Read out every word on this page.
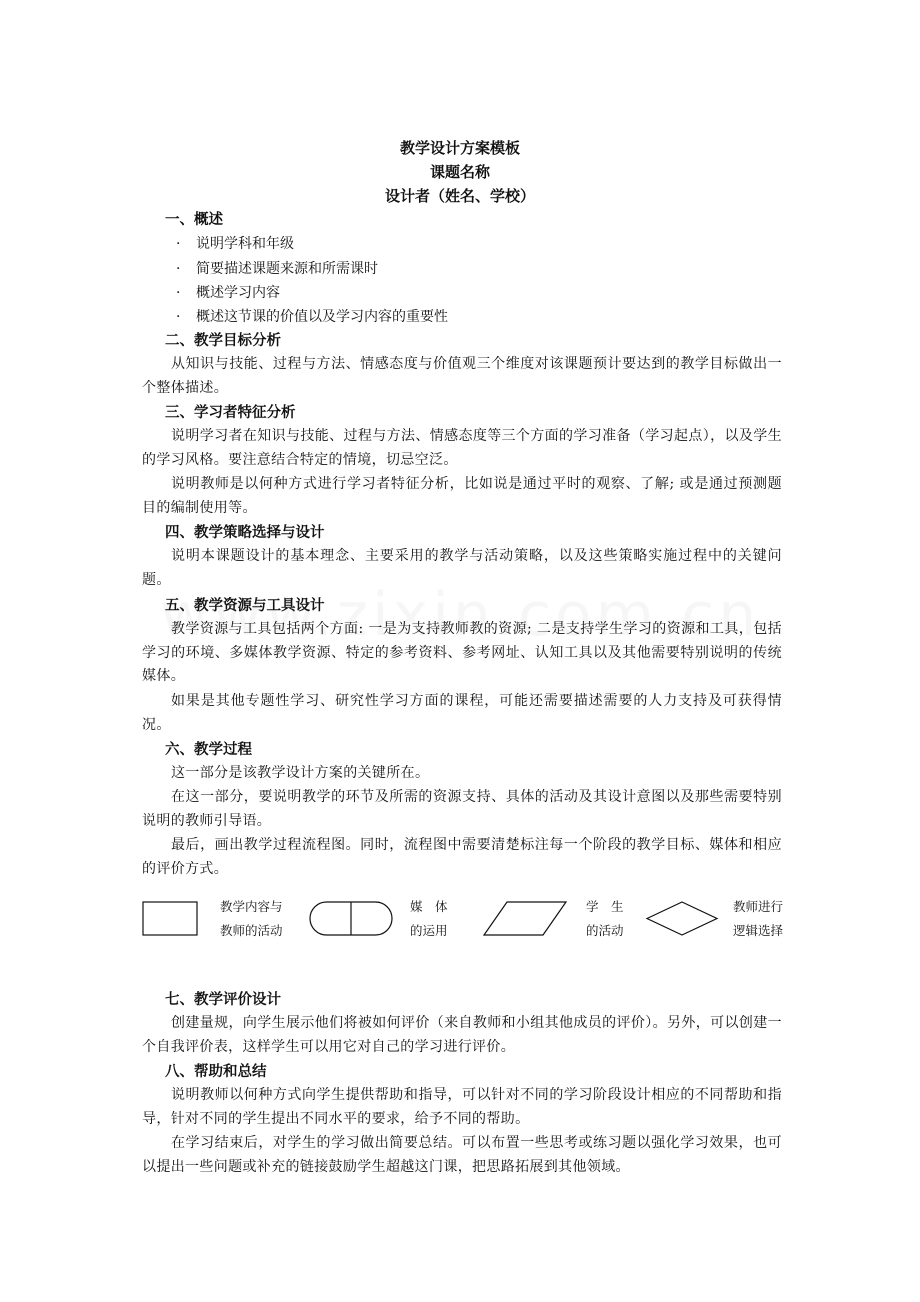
教学设计方案模板
课题名称
设计者（姓名、学校）
一、概述
· 说明学科和年级
· 简要描述课题来源和所需课时
· 概述学习内容
· 概述这节课的价值以及学习内容的重要性
二、教学目标分析
从知识与技能、过程与方法、情感态度与价值观三个维度对该课题预计要达到的教学目标做出一个整体描述。
三、学习者特征分析
说明学习者在知识与技能、过程与方法、情感态度等三个方面的学习准备（学习起点），以及学生的学习风格。要注意结合特定的情境，切忌空泛。
说明教师是以何种方式进行学习者特征分析，比如说是通过平时的观察、了解; 或是通过预测题目的编制使用等。
四、教学策略选择与设计
说明本课题设计的基本理念、主要采用的教学与活动策略，以及这些策略实施过程中的关键问题。
五、教学资源与工具设计
教学资源与工具包括两个方面: 一是为支持教师教的资源; 二是支持学生学习的资源和工具，包括学习的环境、多媒体教学资源、特定的参考资料、参考网址、认知工具以及其他需要特别说明的传统媒体。
如果是其他专题性学习、研究性学习方面的课程，可能还需要描述需要的人力支持及可获得情况。
六、教学过程
这一部分是该教学设计方案的关键所在。
在这一部分，要说明教学的环节及所需的资源支持、具体的活动及其设计意图以及那些需要特别说明的教师引导语。
最后，画出教学过程流程图。同时，流程图中需要清楚标注每一个阶段的教学目标、媒体和相应的评价方式。
教学内容与
教师的活动
媒　体
的运用
学　生
的活动
教师进行
逻辑选择
七、教学评价设计
创建量规，向学生展示他们将被如何评价（来自教师和小组其他成员的评价）。另外，可以创建一个自我评价表，这样学生可以用它对自己的学习进行评价。
八、帮助和总结
说明教师以何种方式向学生提供帮助和指导，可以针对不同的学习阶段设计相应的不同帮助和指导，针对不同的学生提出不同水平的要求，给予不同的帮助。
在学习结束后，对学生的学习做出简要总结。可以布置一些思考或练习题以强化学习效果，也可以提出一些问题或补充的链接鼓励学生超越这门课，把思路拓展到其他领域。
